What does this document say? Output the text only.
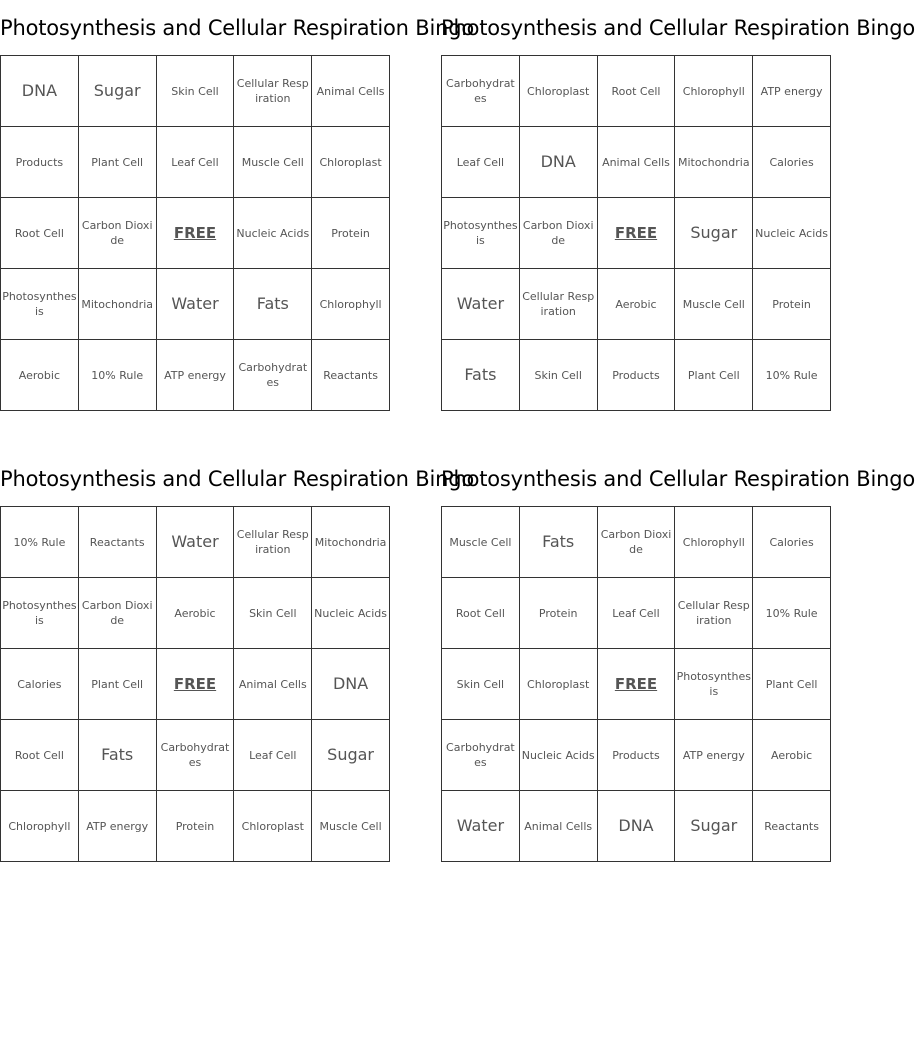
Photosynthesis and Cellular Respiration Bingo
DNA	Sugar	Skin Cell	Cellular Respiration	Animal Cells
Products	Plant Cell	Leaf Cell	Muscle Cell	Chloroplast
Root Cell	Carbon Dioxide	FREE	Nucleic Acids	Protein
Photosynthesis	Mitochondria	Water	Fats	Chlorophyll
Aerobic	10% Rule	ATP energy	Carbohydrates	Reactants
Photosynthesis and Cellular Respiration Bingo
Carbohydrates	Chloroplast	Root Cell	Chlorophyll	ATP energy
Leaf Cell	DNA	Animal Cells	Mitochondria	Calories
Photosynthesis	Carbon Dioxide	FREE	Sugar	Nucleic Acids
Water	Cellular Respiration	Aerobic	Muscle Cell	Protein
Fats	Skin Cell	Products	Plant Cell	10% Rule
Photosynthesis and Cellular Respiration Bingo
10% Rule	Reactants	Water	Cellular Respiration	Mitochondria
Photosynthesis	Carbon Dioxide	Aerobic	Skin Cell	Nucleic Acids
Calories	Plant Cell	FREE	Animal Cells	DNA
Root Cell	Fats	Carbohydrates	Leaf Cell	Sugar
Chlorophyll	ATP energy	Protein	Chloroplast	Muscle Cell
Photosynthesis and Cellular Respiration Bingo
Muscle Cell	Fats	Carbon Dioxide	Chlorophyll	Calories
Root Cell	Protein	Leaf Cell	Cellular Respiration	10% Rule
Skin Cell	Chloroplast	FREE	Photosynthesis	Plant Cell
Carbohydrates	Nucleic Acids	Products	ATP energy	Aerobic
Water	Animal Cells	DNA	Sugar	Reactants
